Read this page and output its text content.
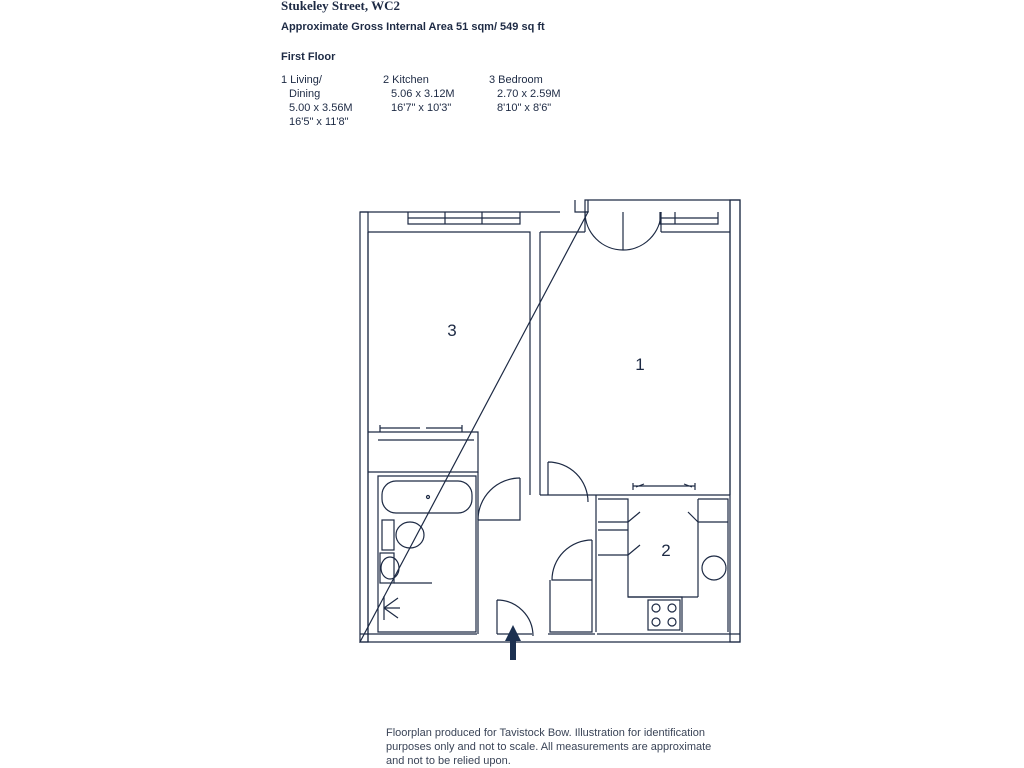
Stukeley Street, WC2
Approximate Gross Internal Area 51 sqm/ 549 sq ft
First Floor
1 Living/
Dining
5.00 x 3.56M
16'5" x 11'8"
2 Kitchen
5.06 x 3.12M
16'7" x 10'3"
3 Bedroom
2.70 x 2.59M
8'10" x 8'6"
3
1
2
Floorplan produced for Tavistock Bow. Illustration for identification
purposes only and not to scale. All measurements are approximate
and not to be relied upon.
